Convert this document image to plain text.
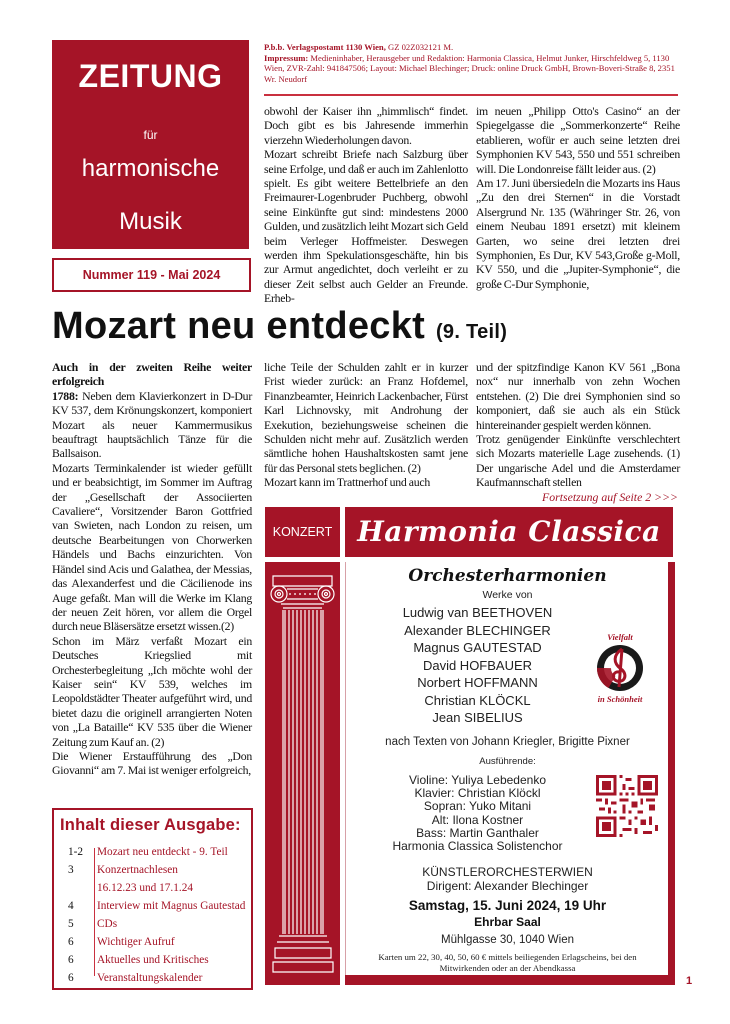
ZEITUNG
für
harmonische
Musik
Nummer 119 - Mai 2024
P.b.b. Verlagspostamt 1130 Wien, GZ 02Z032121 M.
Impressum: Medieninhaber, Herausgeber und Redaktion: Harmonia Classica, Helmut Junker, Hirschfeldweg 5, 1130 Wien, ZVR-Zahl: 941847506; Layout: Michael Blechinger; Druck: online Druck GmbH, Brown-Boveri-Straße 8, 2351 Wr. Neudorf

obwohl der Kaiser ihn „himmlisch“ findet. Doch gibt es bis Jahresende immerhin vierzehn Wiederholungen davon.

Mozart schreibt Briefe nach Salzburg über seine Erfolge, und daß er auch im Zahlenlotto spielt. Es gibt weitere Bettelbriefe an den Freimaurer-Logenbruder Puchberg, obwohl seine Einkünfte gut sind: mindestens 2000 Gulden, und zusätzlich leiht Mozart sich Geld beim Verleger Hoffmeister. Deswegen werden ihm Spekulationsgeschäfte, hin bis zur Armut angedichtet, doch verleiht er zu dieser Zeit selbst auch Gelder an Freunde. Erheb-

im neuen „Philipp Otto's Casino“ an der Spiegelgasse die „Sommerkonzerte“ Reihe etablieren, wofür er auch seine letzten drei Symphonien KV 543, 550 und 551 schreiben will. Die Londonreise fällt leider aus. (2)

Am 17. Juni übersiedeln die Mozarts ins Haus „Zu den drei Sternen“ in die Vorstadt Alsergrund Nr. 135 (Währinger Str. 26, von einem Neubau 1891 ersetzt) mit kleinem Garten, wo seine drei letzten drei Symphonien, Es Dur, KV 543,Große g-Moll, KV 550, und die „Jupiter-Symphonie“, die große C-Dur Symphonie,

Mozart neu entdeckt (9. Teil)

Auch in der zweiten Reihe weiter erfolgreich

1788: Neben dem Klavierkonzert in D-Dur KV 537, dem Krönungskonzert, komponiert Mozart als neuer Kammermusikus beauftragt hauptsächlich Tänze für die Ballsaison.

Mozarts Terminkalender ist wieder gefüllt und er beabsichtigt, im Sommer im Auftrag der „Gesellschaft der Associierten Cavaliere“, Vorsitzender Baron Gottfried van Swieten, nach London zu reisen, um deutsche Bearbeitungen von Chorwerken Händels und Bachs einzurichten. Von Händel sind Acis und Galathea, der Messias, das Alexanderfest und die Cäcilienode ins Auge gefaßt. Man will die Werke im Klang der neuen Zeit hören, vor allem die Orgel durch neue Bläsersätze ersetzt wissen.(2)

Schon im März verfaßt Mozart ein Deutsches Kriegslied mit Orchesterbegleitung „Ich möchte wohl der Kaiser sein“ KV 539, welches im Leopoldstädter Theater aufgeführt wird, und bietet dazu die originell arrangierten Noten von „La Bataille“ KV 535 über die Wiener Zeitung zum Kauf an. (2)

Die Wiener Erstaufführung des „Don Giovanni“ am 7. Mai ist weniger erfolgreich,

liche Teile der Schulden zahlt er in kurzer Frist wieder zurück: an Franz Hofdemel, Finanzbeamter, Heinrich Lackenbacher, Fürst Karl Lichnovsky, mit Androhung der Exekution, beziehungsweise scheinen die Schulden nicht mehr auf. Zusätzlich werden sämtliche hohen Haushaltskosten samt jene für das Personal stets beglichen. (2)

Mozart kann im Trattnerhof und auch

und der spitzfindige Kanon KV 561 „Bona nox“ nur innerhalb von zehn Wochen entstehen. (2) Die drei Symphonien sind so komponiert, daß sie auch als ein Stück hintereinander gespielt werden können.

Trotz genügender Einkünfte verschlechtert sich Mozarts materielle Lage zusehends. (1) Der ungarische Adel und die Amsterdamer Kaufmannschaft stellen

Fortsetzung auf Seite 2 >>>
Inhalt dieser Ausgabe:
1-2	Mozart neu entdeckt - 9. Teil
3	Konzertnachlesen
16.12.23 und 17.1.24
4	Interview mit Magnus Gautestad
5	CDs
6	Wichtiger Aufruf
6	Aktuelles und Kritisches
6	Veranstaltungskalender
KONZERT Harmonia Classica
Orchesterharmonien
Werke von
Ludwig van BEETHOVEN
Alexander BLECHINGER
Magnus GAUTESTAD
David HOFBAUER
Norbert HOFFMANN
Christian KLÖCKL
Jean SIBELIUS
nach Texten von Johann Kriegler, Brigitte Pixner
Ausführende:
Violine: Yuliya Lebedenko
Klavier: Christian Klöckl
Sopran: Yuko Mitani
Alt: Ilona Kostner
Bass: Martin Ganthaler
Harmonia Classica Solistenchor
KÜNSTLERORCHESTERWIEN
Dirigent: Alexander Blechinger
Samstag, 15. Juni 2024, 19 Uhr
Ehrbar Saal
Mühlgasse 30, 1040 Wien
Karten um 22, 30, 40, 50, 60 € mittels beiliegenden Erlagscheins, bei den Mitwirkenden oder an der Abendkassa
Vielfalt
in Schönheit
1
